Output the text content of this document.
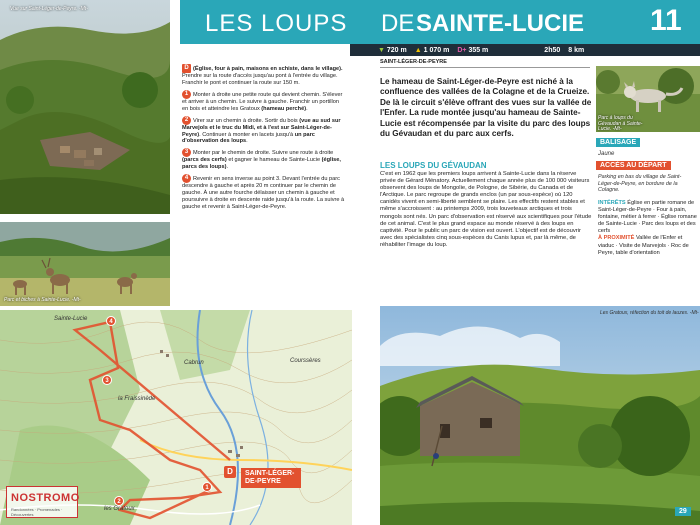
Vue sur Saint-Léger-de-Peyre. -Mt-
Parc et biches à Sainte-Lucie. -Mt-
LES LOUPS DE SAINTE-LUCIE 11
▼ 720 m ▲ 1 070 m D+ 355 m	2h50 8 km
SAINT-LÉGER-DE-PEYRE
D (Église, four à pain, maisons en schiste, dans le village). Prendre sur la route d'accès jusqu'au pont à l'entrée du village. Franchir le pont et continuer la route sur 150 m.
1 Monter à droite une petite route qui devient chemin. S'élever et arriver à un chemin. Le suivre à gauche. Franchir un portillon en bois et atteindre les Gratoux (hameau perché).
2 Virer sur un chemin à droite. Sortir du bois (vue au sud sur Marvejols et le truc du Midi, et à l'est sur Saint-Léger-de-Peyre). Continuer à monter en lacets jusqu'à un parc d'observation des loups.
3 Monter par le chemin de droite. Suivre une route à droite (parcs des cerfs) et gagner le hameau de Sainte-Lucie (église, parcs des loups).
4 Revenir en sens inverse au point 3. Devant l'entrée du parc descendre à gauche et après 20 m continuer par le chemin de gauche. À une autre fourche délaisser un chemin à gauche et poursuivre à droite en descente raide jusqu'à la route. La suivre à gauche et revenir à Saint-Léger-de-Peyre.
Le hameau de Saint-Léger-de-Peyre est niché à la confluence des vallées de la Colagne et de la Crueize. De là le circuit s'élève offrant des vues sur la vallée de l'Enfer. La rude montée jusqu'au hameau de Sainte-Lucie est récompensée par la visite du parc des loups du Gévaudan et du parc aux cerfs.
LES LOUPS DU GÉVAUDAN
C'est en 1962 que les premiers loups arrivent à Sainte-Lucie dans la réserve privée de Gérard Ménatory. Actuellement chaque année plus de 100 000 visiteurs observent des loups de Mongolie, de Pologne, de Sibérie, du Canada et de l'Arctique. Le parc regroupe de grands enclos (un par sous-espèce) où 120 canidés vivent en semi-liberté semblent se plaire. Les effectifs restent stables et même s'accroissent : au printemps 2009, trois louveteaux arctiques et trois mongols sont nés. Un parc d'observation est réservé aux scientifiques pour l'étude de cet animal. C'est le plus grand espace au monde réservé à des loups en captivité. Pour le public un parc de vision est ouvert. L'objectif est de découvrir avec des spécialistes cinq sous-espèces du Canis lupus et, par là même, de réhabiliter l'image du loup.
Parc à loups du Gévaudan à Sainte-Lucie. -Mt-
BALISAGE
Jaune
ACCÈS AU DÉPART
Parking en bas du village de Saint-Léger-de-Peyre, en bordure de la Colagne.
INTÉRÊTS Église en partie romane de Saint-Léger-de-Peyre · Four à pain, fontaine, métier à ferrer · Église romane de Sainte-Lucie · Parc des loups et des cerfs
À PROXIMITÉ Vallée de l'Enfer et viaduc · Visite de Marvejols · Roc de Peyre, table d'orientation
Les Gratoux, réfection du toit de lauzes. -Mt-
29
Sainte-Lucie
la Fraissinède
Courssères
Cabrun
les Gratoux
4
3
2
1
D	SAINT-LÉGER-DE-PEYRE
NOSTROMO
Randonnées · Promenades · Découvertes
